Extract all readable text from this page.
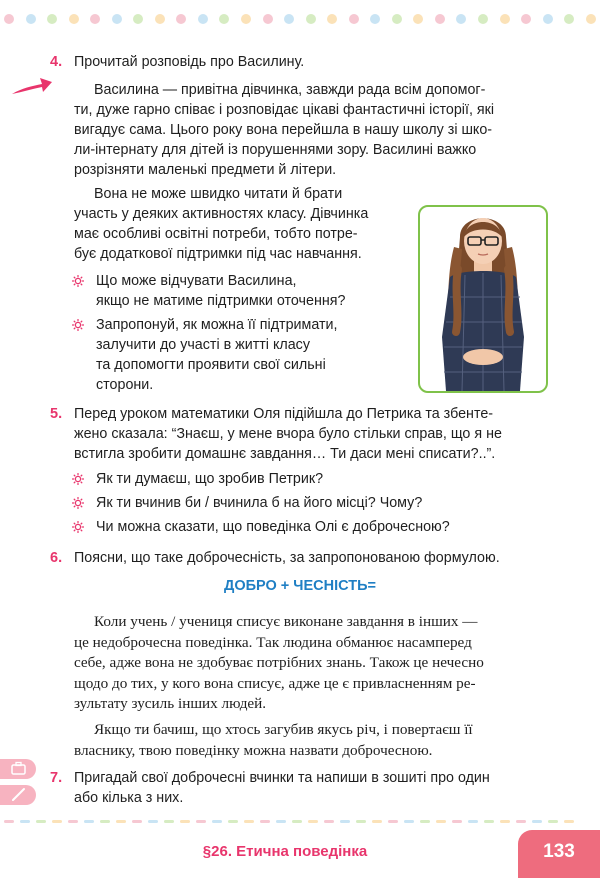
4. Прочитай розповідь про Василину.
Василина — привітна дівчинка, завжди рада всім допомог-
ти, дуже гарно співає і розповідає цікаві фантастичні історії, які
вигадує сама. Цього року вона перейшла в нашу школу зі шко-
ли-інтернату для дітей із порушеннями зору. Василині важко
розрізняти маленькі предмети й літери.
Вона не може швидко читати й брати
участь у деяких активностях класу. Дівчинка
має особливі освітні потреби, тобто потре-
бує додаткової підтримки під час навчання.
Що може відчувати Василина,
якщо не матиме підтримки оточення?
Запропонуй, як можна її підтримати,
залучити до участі в житті класу
та допомогти проявити свої сильні
сторони.
5. Перед уроком математики Оля підійшла до Петрика та збенте-
жено сказала: “Знаєш, у мене вчора було стільки справ, що я не
встигла зробити домашнє завдання… Ти даси мені списати?..”.
Як ти думаєш, що зробив Петрик?
Як ти вчинив би / вчинила б на його місці? Чому?
Чи можна сказати, що поведінка Олі є доброчесною?
6. Поясни, що таке доброчесність, за запропонованою формулою.
ДОБРО + ЧЕСНІСТЬ=
Коли учень / учениця списує виконане завдання в інших —
це недоброчесна поведінка. Так людина обманює насамперед
себе, адже вона не здобуває потрібних знань. Також це нечесно
щодо до тих, у кого вона списує, адже це є привласненням ре-
зультату зусиль інших людей.
Якщо ти бачиш, що хтось загубив якусь річ, і повертаєш її
власнику, твою поведінку можна назвати доброчесною.
7. Пригадай свої доброчесні вчинки та напиши в зошиті про один
або кілька з них.
§26. Етична поведінка	133
